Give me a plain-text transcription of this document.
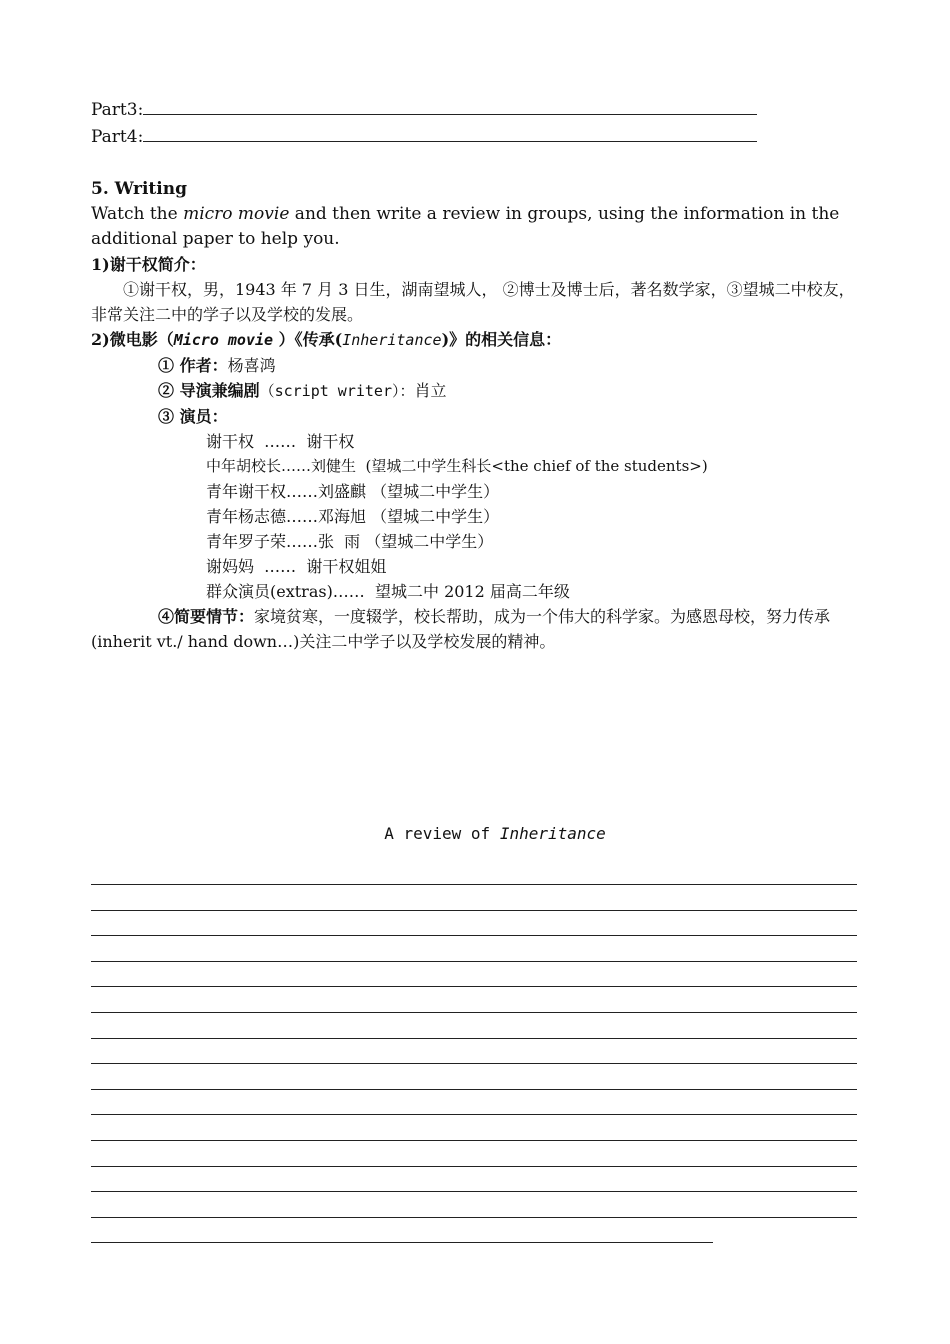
Part3:
Part4:
5. Writing
Watch the micro movie and then write a review in groups, using the information in the additional paper to help you.
1)谢干权简介：
①谢干权，男，1943 年 7 月 3 日生，湖南望城人， ②博士及博士后，著名数学家，③望城二中校友，非常关注二中的学子以及学校的发展。
2)微电影（Micro movie ）《传承(Inheritance)》的相关信息：
① 作者：杨喜鸿
② 导演兼编剧（script writer）：肖立
③ 演员：
谢干权  ……  谢干权
中年胡校长……刘健生  (望城二中学生科长<the chief of the students>)
青年谢干权……刘盛麒 （望城二中学生）
青年杨志德……邓海旭 （望城二中学生）
青年罗子荣……张  雨 （望城二中学生）
谢妈妈  ……  谢干权姐姐
群众演员(extras)……  望城二中 2012 届高二年级
④简要情节：家境贫寒，一度辍学，校长帮助，成为一个伟大的科学家。为感恩母校，努力传承(inherit vt./ hand down…)关注二中学子以及学校发展的精神。
A review of Inheritance
